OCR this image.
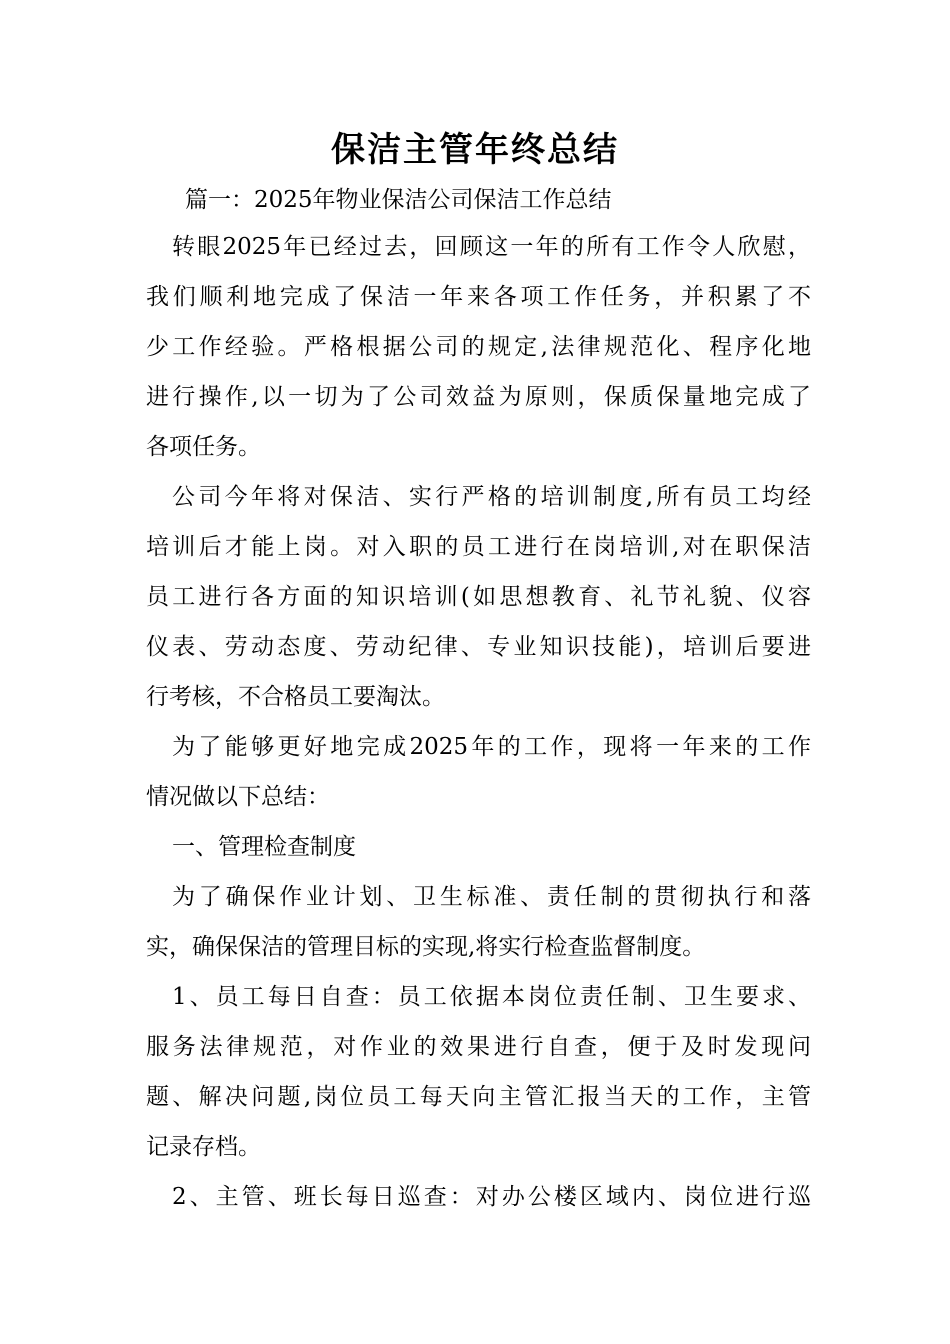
保洁主管年终总结

篇一：2025年物业保洁公司保洁工作总结

转眼2025年已经过去，回顾这一年的所有工作令人欣慰，

我们顺利地完成了保洁一年来各项工作任务，并积累了不

少工作经验。严格根据公司的规定,法律规范化、程序化地

进行操作,以一切为了公司效益为原则，保质保量地完成了

各项任务。

公司今年将对保洁、实行严格的培训制度,所有员工均经

培训后才能上岗。对入职的员工进行在岗培训,对在职保洁

员工进行各方面的知识培训(如思想教育、礼节礼貌、仪容

仪表、劳动态度、劳动纪律、专业知识技能)，培训后要进

行考核，不合格员工要淘汰。

为了能够更好地完成2025年的工作，现将一年来的工作

情况做以下总结：

一、管理检查制度

为了确保作业计划、卫生标准、责任制的贯彻执行和落

实，确保保洁的管理目标的实现,将实行检查监督制度。

1、员工每日自查：员工依据本岗位责任制、卫生要求、

服务法律规范，对作业的效果进行自查，便于及时发现问

题、解决问题,岗位员工每天向主管汇报当天的工作，主管

记录存档。

2、主管、班长每日巡查：对办公楼区域内、岗位进行巡
